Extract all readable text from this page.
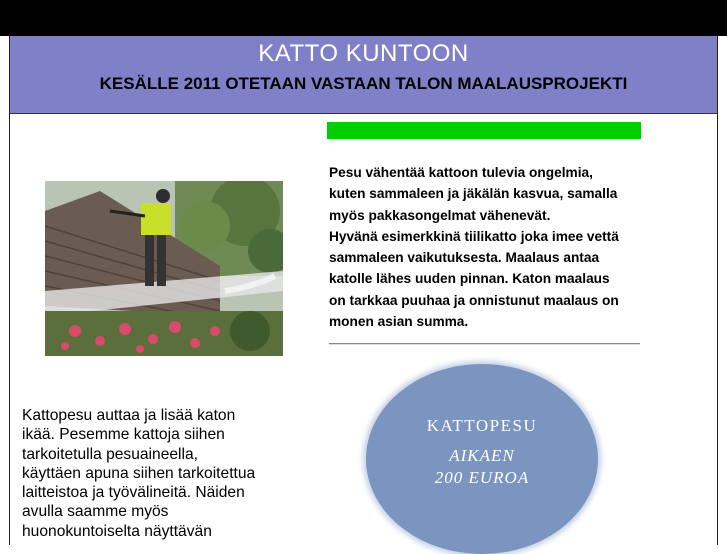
KATTO KUNTOON
KESÄLLE 2011 OTETAAN VASTAAN TALON MAALAUSPROJEKTI
Pesu vähentää kattoon tulevia ongelmia,
kuten sammaleen ja jäkälän kasvua, samalla
myös pakkasongelmat vähenevät.
Hyvänä esimerkkinä tiilikatto joka imee vettä
sammaleen vaikutuksesta. Maalaus antaa
katolle lähes uuden pinnan. Katon maalaus
on tarkkaa puuhaa ja onnistunut maalaus on
monen asian summa.
Kattopesu auttaa ja lisää katon
ikää. Pesemme kattoja siihen
tarkoitetulla pesuaineella,
käyttäen apuna siihen tarkoitettua
laitteistoa ja työvälineitä. Näiden
avulla saamme myös
huonokuntoiselta näyttävän
KATTOPESU
AIKAEN
200 EUROA
